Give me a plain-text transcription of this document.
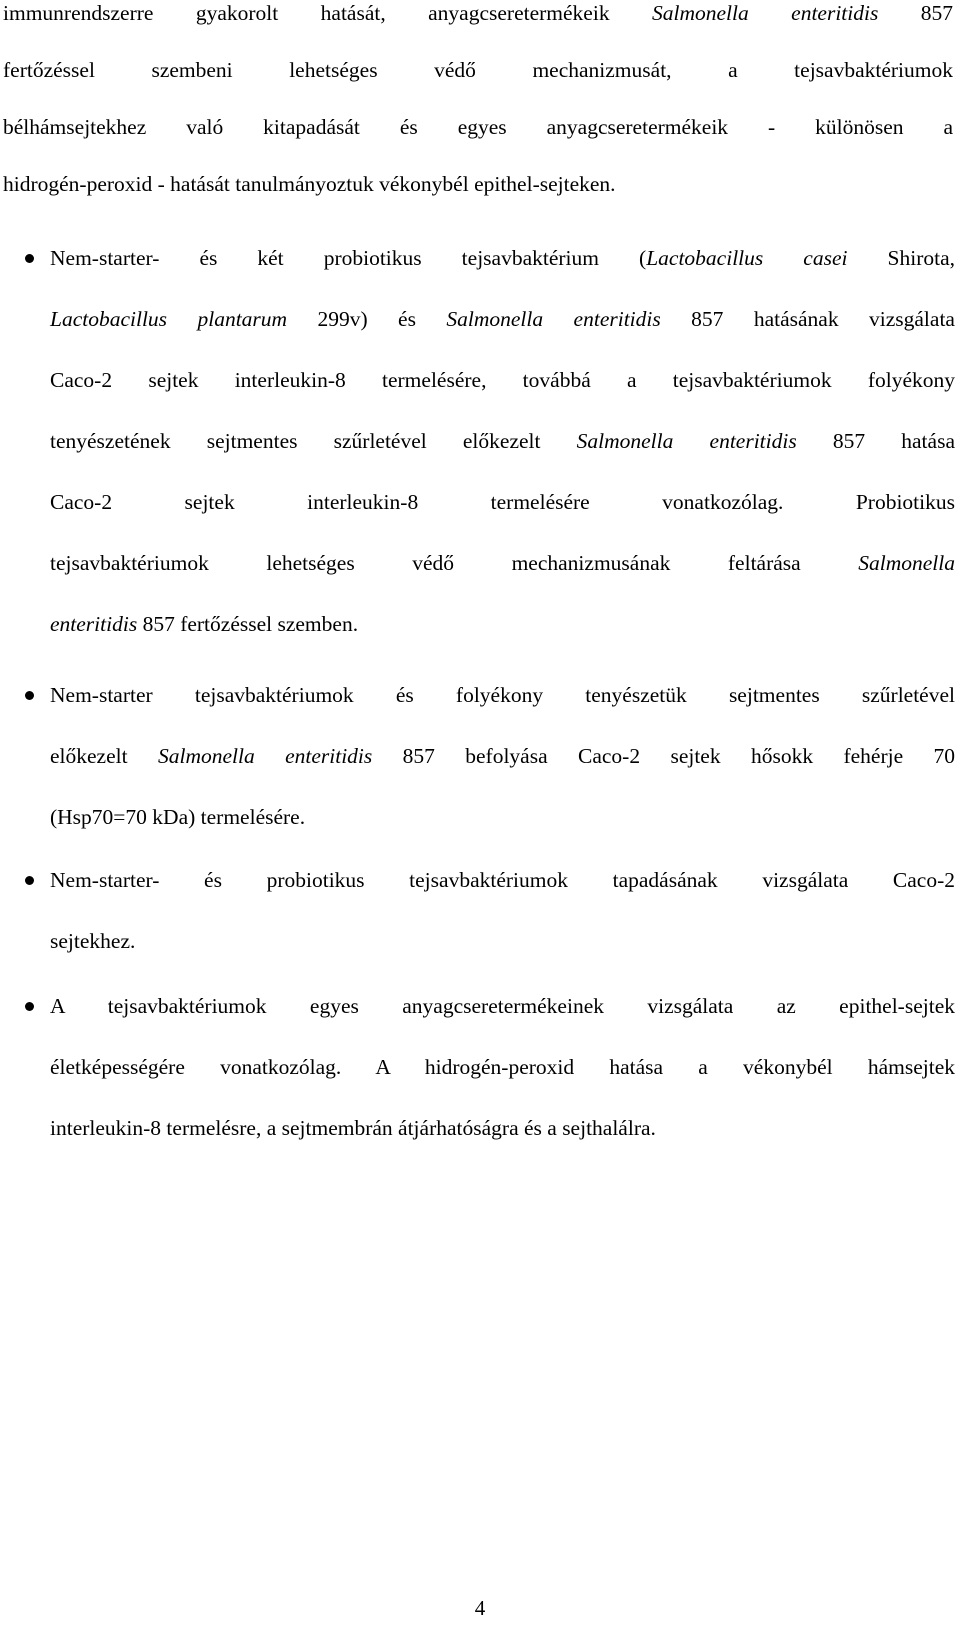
immunrendszerre gyakorolt hatását, anyagcseretermékeik Salmonella enteritidis 857
fertőzéssel szembeni lehetséges védő mechanizmusát, a tejsavbaktériumok
bélhámsejtekhez való kitapadását és egyes anyagcseretermékeik - különösen a
hidrogén-peroxid - hatását tanulmányoztuk vékonybél epithel-sejteken.
Nem-starter- és két probiotikus tejsavbaktérium (Lactobacillus casei Shirota,
Lactobacillus plantarum 299v) és Salmonella enteritidis 857 hatásának vizsgálata
Caco-2 sejtek interleukin-8 termelésére, továbbá a tejsavbaktériumok folyékony
tenyészetének sejtmentes szűrletével előkezelt Salmonella enteritidis 857 hatása
Caco-2 sejtek interleukin-8 termelésére vonatkozólag. Probiotikus
tejsavbaktériumok lehetséges védő mechanizmusának feltárása Salmonella
enteritidis 857 fertőzéssel szemben.
Nem-starter tejsavbaktériumok és folyékony tenyészetük sejtmentes szűrletével
előkezelt Salmonella enteritidis 857 befolyása Caco-2 sejtek hősokk fehérje 70
(Hsp70=70 kDa) termelésére.
Nem-starter- és probiotikus tejsavbaktériumok tapadásának vizsgálata Caco-2
sejtekhez.
A tejsavbaktériumok egyes anyagcseretermékeinek vizsgálata az epithel-sejtek
életképességére vonatkozólag. A hidrogén-peroxid hatása a vékonybél hámsejtek
interleukin-8 termelésre, a sejtmembrán átjárhatóságra és a sejthalálra.
4
